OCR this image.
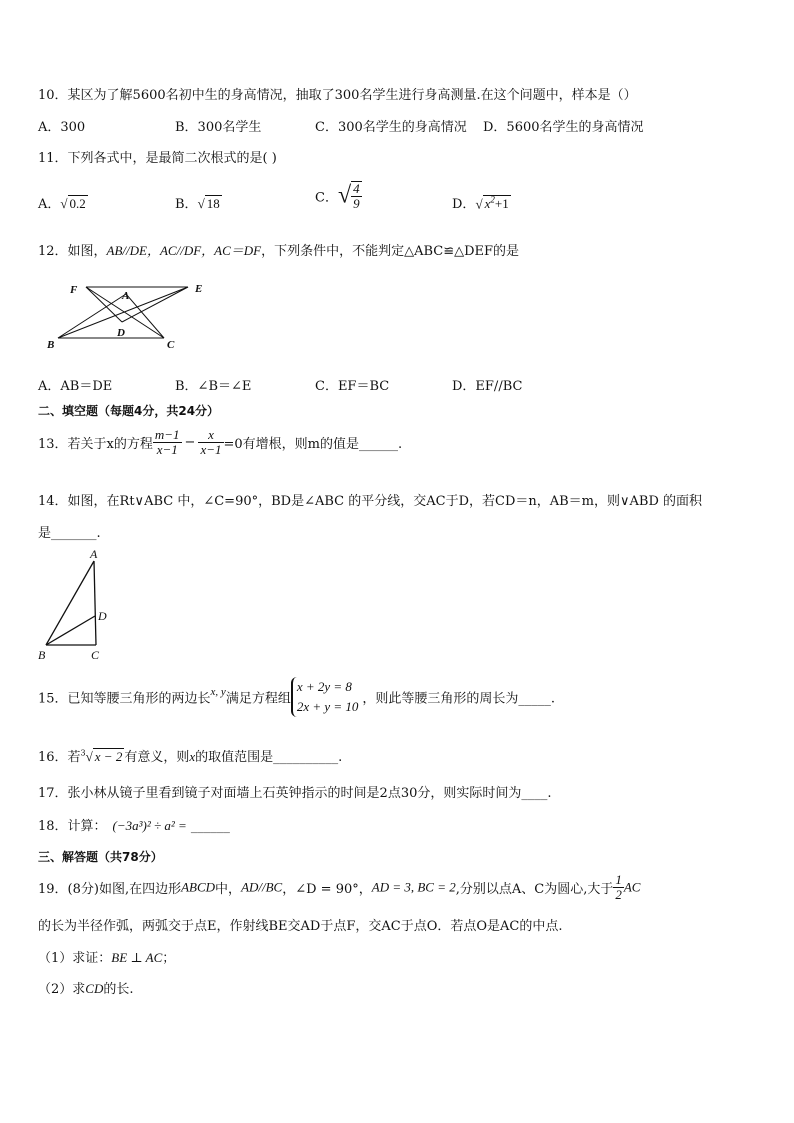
10．某区为了解5600名初中生的身高情况，抽取了300名学生进行身高测量.在这个问题中，样本是（）
A．300	B．300名学生	C．300名学生的身高情况 D．5600名学生的身高情况
11．下列各式中，是最简二次根式的是( )
A．√ 0.2	B．√ 18	C．√ $\frac{4}{9}$	D．√ $x^2+1$
12．如图，AB//DE，AC//DF，AC＝DF，下列条件中，不能判定△ABC≌△DEF的是
F	A
E
D
B	C
A．AB＝DE	B．∠B＝∠E	C．EF＝BC	D．EF//BC
二、填空题（每题4分，共24分）
13．若关于x的方程 $\frac{m-1}{x-1} - \frac{x}{x-1} =0$有增根，则m的值是______.
14．如图，在Rt∨ABC 中，∠C=90°，BD是∠ABC 的平分线，交AC于D，若CD＝n，AB＝m，则∨ABD 的面积
是_______.
A
D
B	C
15．已知等腰三角形的两边长$^{x, y}$满足方程组
x + 2y = 8
2x + y = 10 ，则此等腰三角形的周长为_____.
16．若$^3$√ x − 2 有意义，则x的取值范围是__________.
17．张小林从镜子里看到镜子对面墙上石英钟指示的时间是2点30分，则实际时间为____.
18．计算： (−3a³)² ÷ a² = ______
三、解答题（共78分）
19．(8分)如图,在四边形ABCD中，AD//BC，∠D = 90°，AD = 3, BC = 2,分别以点A、C为圆心,大于 $\frac{1}{2}$ AC
的长为半径作弧，两弧交于点E，作射线BE交AD于点F，交AC于点O．若点O是AC的中点.
（1）求证：BE ⊥ AC；
（2）求CD的长.
